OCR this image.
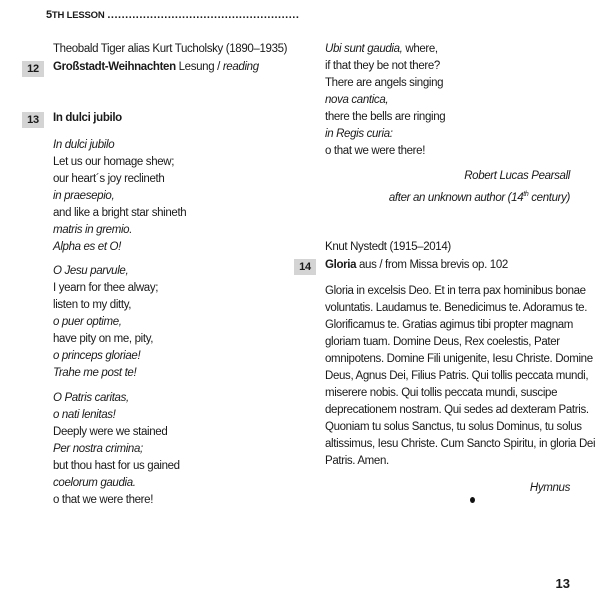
5TH LESSON ......................................................
Theobald Tiger alias Kurt Tucholsky (1890–1935)
12	Großstadt-Weihnachten Lesung / reading
13	In dulci jubilo
In dulci jubilo
Let us our homage shew;
our heart´s joy reclineth
in praesepio,
and like a bright star shineth
matris in gremio.
Alpha es et O!
O Jesu parvule,
I yearn for thee alway;
listen to my ditty,
o puer optime,
have pity on me, pity,
o princeps gloriae!
Trahe me post te!
O Patris caritas,
o nati lenitas!
Deeply were we stained
Per nostra crimina;
but thou hast for us gained
coelorum gaudia.
o that we were there!
Ubi sunt gaudia, where,
if that they be not there?
There are angels singing
nova cantica,
there the bells are ringing
in Regis curia:
o that we were there!
Robert Lucas Pearsall
after an unknown author (14th century)
Knut Nystedt (1915–2014)
14	Gloria aus / from Missa brevis op. 102
Gloria in excelsis Deo. Et in terra pax hominibus bonae
voluntatis. Laudamus te. Benedicimus te. Adoramus te.
Glorificamus te. Gratias agimus tibi propter magnam
gloriam tuam. Domine Deus, Rex coelestis, Pater
omnipotens. Domine Fili unigenite, Iesu Christe. Domine
Deus, Agnus Dei, Filius Patris. Qui tollis peccata mundi,
miserere nobis. Qui tollis peccata mundi, suscipe
deprecationem nostram. Qui sedes ad dexteram Patris.
Quoniam tu solus Sanctus, tu solus Dominus, tu solus
altissimus, Iesu Christe. Cum Sancto Spiritu, in gloria Dei
Patris. Amen.
Hymnus
13
